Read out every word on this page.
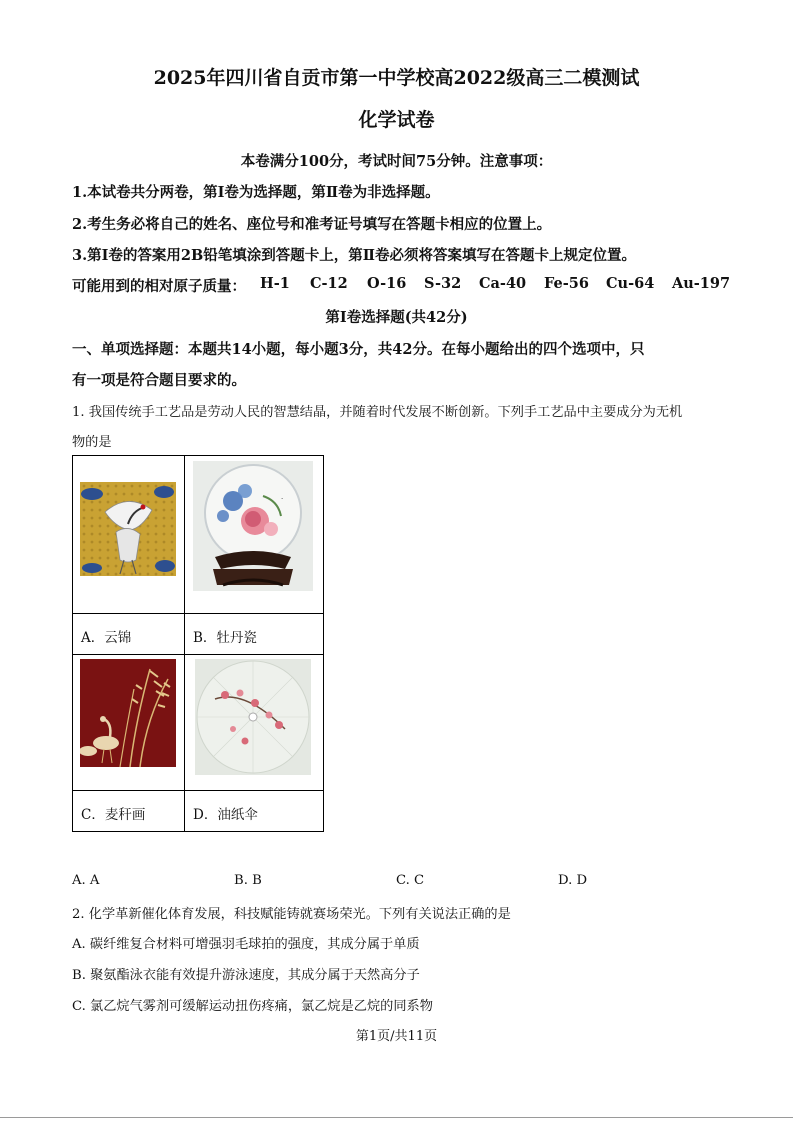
2025年四川省自贡市第一中学校高2022级高三二模测试
化学试卷
本卷满分100分，考试时间75分钟。注意事项：
1.本试卷共分两卷，第Ⅰ卷为选择题，第Ⅱ卷为非选择题。
2.考生务必将自己的姓名、座位号和准考证号填写在答题卡相应的位置上。
3.第Ⅰ卷的答案用2B铅笔填涂到答题卡上，第Ⅱ卷必须将答案填写在答题卡上规定位置。
可能用到的相对原子质量： H-1 C-12 O-16 S-32 Ca-40 Fe-56 Cu-64 Au-197
第Ⅰ卷选择题(共42分)
一、单项选择题：本题共14小题，每小题3分，共42分。在每小题给出的四个选项中，只
有一项是符合题目要求的。
1. 我国传统手工艺品是劳动人民的智慧结晶，并随着时代发展不断创新。下列手工艺品中主要成分为无机
物的是
·
A．云锦	B．牡丹瓷
C．麦秆画	D．油纸伞
A. A	B. B	C. C	D. D
2. 化学革新催化体育发展，科技赋能铸就赛场荣光。下列有关说法正确的是
A. 碳纤维复合材料可增强羽毛球拍的强度，其成分属于单质
B. 聚氨酯泳衣能有效提升游泳速度，其成分属于天然高分子
C. 氯乙烷气雾剂可缓解运动扭伤疼痛，氯乙烷是乙烷的同系物
第1页/共11页
